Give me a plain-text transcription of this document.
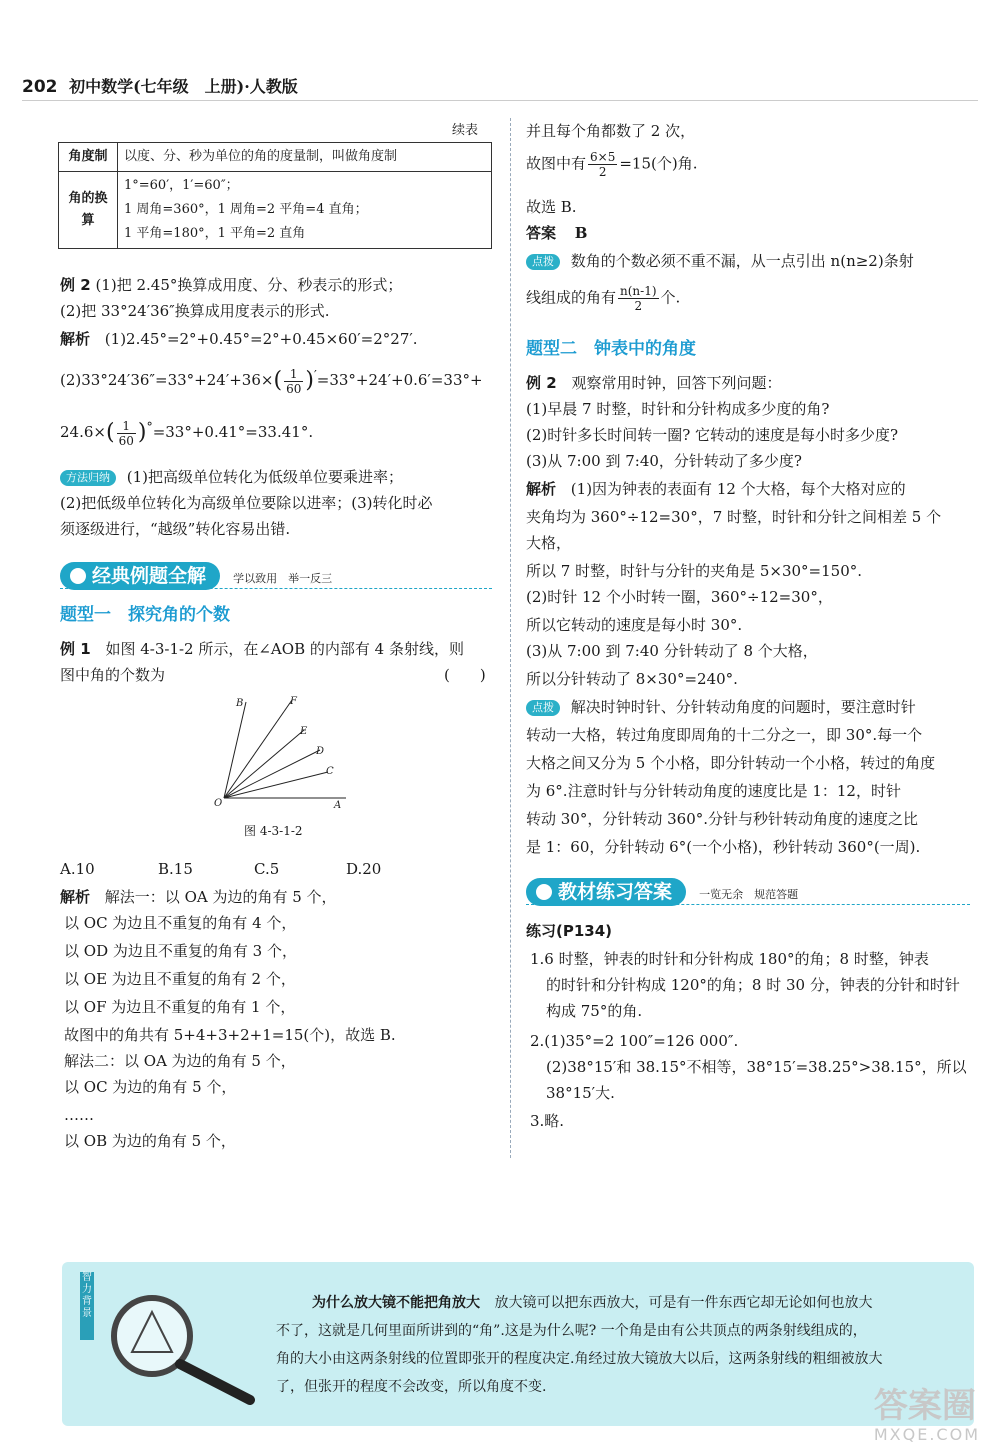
202 初中数学(七年级　上册)·人教版
续表
角度制	以度、分、秒为单位的角的度量制，叫做角度制
角的换算	1°=60′，1′=60″；
1 周角=360°，1 周角=2 平角=4 直角；
1 平角=180°，1 平角=2 直角
例 2 (1)把 2.45°换算成用度、分、秒表示的形式；
(2)把 33°24′36″换算成用度表示的形式.
解析 (1)2.45°=2°+0.45°=2°+0.45×60′=2°27′.
$(2)33^\circ 24'36''=33^\circ+24'+36\times( \frac{1}{60} )'=33^\circ+24'+0.6'=33^\circ+$
$24.6\times( \frac{1}{60} )^\circ=33^\circ+0.41^\circ=33.41^\circ$.
方法归纳 (1)把高级单位转化为低级单位要乘进率；
(2)把低级单位转化为高级单位要除以进率；(3)转化时必
须逐级进行，“越级”转化容易出错.
经典例题全解 学以致用　举一反三
题型一　探究角的个数
例 1 如图 4-3-1-2 所示，在∠AOB 的内部有 4 条射线，则
图中角的个数为	(　　)
B	F
E
D
C
O	A
图 4-3-1-2
A.10	B.15	C.5	D.20
解析 解法一：以 OA 为边的角有 5 个，
以 OC 为边且不重复的角有 4 个，
以 OD 为边且不重复的角有 3 个，
以 OE 为边且不重复的角有 2 个，
以 OF 为边且不重复的角有 1 个，
故图中的角共有 5+4+3+2+1=15(个)，故选 B.
解法二：以 OA 为边的角有 5 个，
以 OC 为边的角有 5 个，
……
以 OB 为边的角有 5 个，
并且每个角都数了 2 次，
故图中有 $\frac{6\times 5}{2} =15$(个)角.
故选 B.
答案 B
点拨 数角的个数必须不重不漏，从一点引出 n(n≥2)条射
线组成的角有 $\frac{n(n-1)}{2}$ 个.
题型二　钟表中的角度
例 2 观察常用时钟，回答下列问题：
(1)早晨 7 时整，时针和分针构成多少度的角?
(2)时针多长时间转一圈? 它转动的速度是每小时多少度?
(3)从 7:00 到 7:40，分针转动了多少度?
解析 (1)因为钟表的表面有 12 个大格，每个大格对应的
夹角均为 360°÷12=30°，7 时整，时针和分针之间相差 5 个
大格，
所以 7 时整，时针与分针的夹角是 5×30°=150°.
(2)时针 12 个小时转一圈，360°÷12=30°，
所以它转动的速度是每小时 30°.
(3)从 7:00 到 7:40 分针转动了 8 个大格，
所以分针转动了 8×30°=240°.
点拨 解决时钟时针、分针转动角度的问题时，要注意时针
转动一大格，转过角度即周角的十二分之一，即 30°.每一个
大格之间又分为 5 个小格，即分针转动一个小格，转过的角度
为 6°.注意时针与分针转动角度的速度比是 1：12，时针
转动 30°，分针转动 360°.分针与秒针转动角度的速度之比
是 1：60，分针转动 6°(一个小格)，秒针转动 360°(一周).
教材练习答案 一览无余　规范答题
练习(P134)
1.6 时整，钟表的时针和分针构成 180°的角；8 时整，钟表
的时针和分针构成 120°的角；8 时 30 分，钟表的分针和时针
构成 75°的角.
2.(1)35°=2 100″=126 000″.
(2)38°15′和 38.15°不相等，38°15′=38.25°>38.15°，所以
38°15′大.
3.略.
智力背景
为什么放大镜不能把角放大 放大镜可以把东西放大，可是有一件东西它却无论如何也放大
不了，这就是几何里面所讲到的“角”.这是为什么呢? 一个角是由有公共顶点的两条射线组成的，
角的大小由这两条射线的位置即张开的程度决定.角经过放大镜放大以后，这两条射线的粗细被放大
了，但张开的程度不会改变，所以角度不变.	答案圈
MXQE.COM
